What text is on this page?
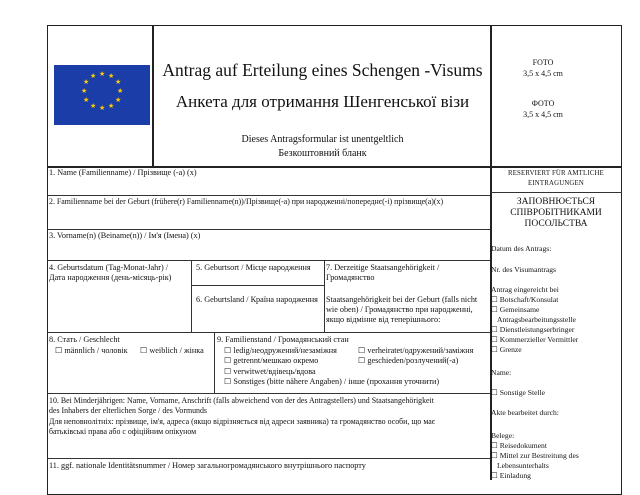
★ ★
★
★
★
★
★
★
★
★
★
★	Antrag auf Erteilung eines Schengen -Visums
Анкета для отримання Шенгенської візи
Dieses Antragsformular ist unentgeltlich
Безкоштовний бланк
FOTO
3,5 x 4,5 cm
ФОТО
3,5 x 4,5 cm
1. Name (Familienname) / Прізвище (-а) (x)
2. Familienname bei der Geburt (frühere(r) Familienname(n))/Прізвище(-а) при народженні/попереднє(-і) прізвище(а)(x)
3. Vorname(n) (Beiname(n)) / Ім'я (Імена) (x)
4. Geburtsdatum (Tag-Monat-Jahr) /
Дата народження (день-місяць-рік)
5. Geburtsort / Місце народження
6. Geburtsland / Країна народження
7. Derzeitige Staatsangehörigkeit /
Громадянство
Staatsangehörigkeit bei der Geburt (falls nicht
wie oben) / Громадянство при народженні,
якщо відмінне від теперішнього:
8. Стать / Geschlecht
☐ männlich / чоловік ☐ weiblich / жінка
9. Familienstand / Громадянський стан
☐ ledig/неодружений/незаміжня	☐ verheiratet/одружений/заміжня
☐ getrennt/мешкаю окремо	☐ geschieden/розлучений(-а)
☐ verwitwet/вдівець/вдова
☐ Sonstiges (bitte nähere Angaben) / інше (прохання уточнити)
10. Bei Minderjährigen: Name, Vorname, Anschrift (falls abweichend von der des Antragstellers) und Staatsangehörigkeit
des Inhabers der elterlichen Sorge / des Vormunds
Для неповнолітніх: прізвище, ім'я, адреса (якщо відрізняється від адреси заявника) та громадянство особи, що має
батьківські права або с офіційним опікуном
11. ggf. nationale Identitätsnummer / Номер загальногромадянського внутрішнього паспорту
RESERVIERT FÜR AMTLICHE
EINTRAGUNGEN
ЗАПОВНЮЄТЬСЯ
СПІВРОБІТНИКАМИ
ПОСОЛЬСТВА
Datum des Antrags:
Nr. des Visumantrags
Antrag eingereicht bei
☐ Botschaft/Konsulat
☐ Gemeinsame
Antragsbearbeitungsstelle
☐ Dienstleistungserbringer
☐ Kommerzieller Vermittler
☐ Grenze
Name:
☐ Sonstige Stelle
Akte bearbeitet durch:
Belege:
☐ Reisedokument
☐ Mittel zur Bestreitung des
Lebensunterhalts
☐ Einladung
